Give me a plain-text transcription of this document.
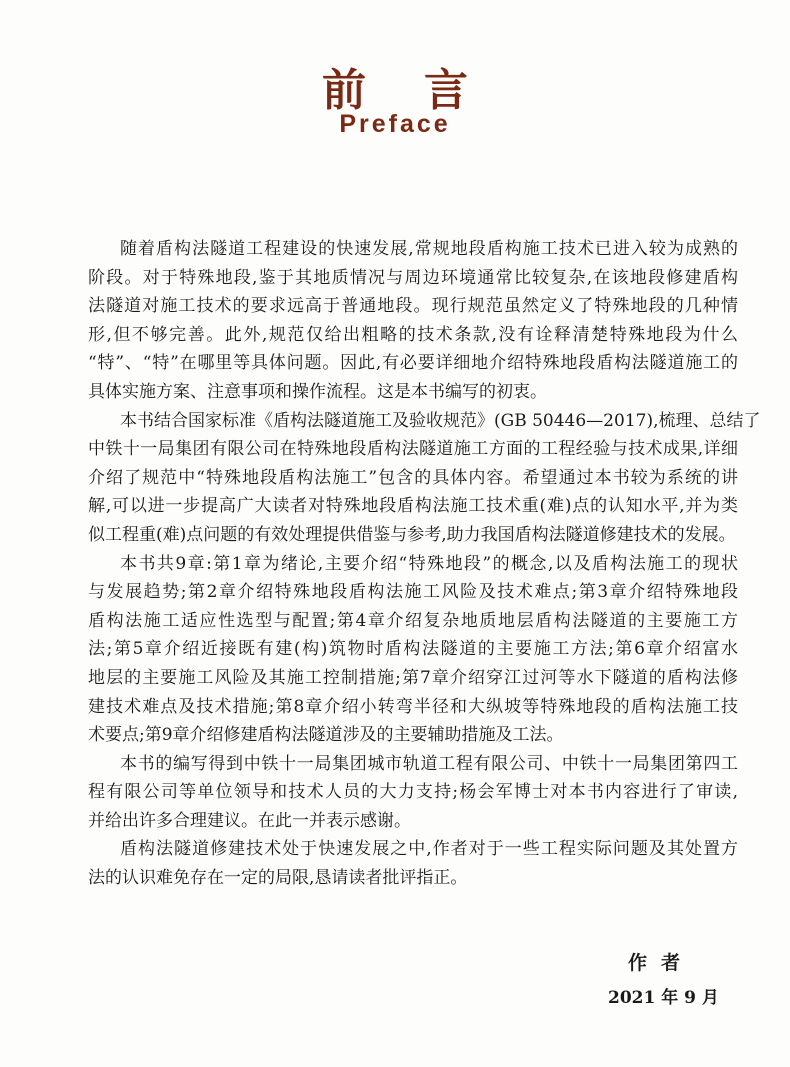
前言
Preface
随着盾构法隧道工程建设的快速发展,常规地段盾构施工技术已进入较为成熟的
阶段。对于特殊地段,鉴于其地质情况与周边环境通常比较复杂,在该地段修建盾构
法隧道对施工技术的要求远高于普通地段。现行规范虽然定义了特殊地段的几种情
形,但不够完善。此外,规范仅给出粗略的技术条款,没有诠释清楚特殊地段为什么
“特”、“特”在哪里等具体问题。因此,有必要详细地介绍特殊地段盾构法隧道施工的
具体实施方案、注意事项和操作流程。这是本书编写的初衷。
本书结合国家标准《盾构法隧道施工及验收规范》(GB 50446—2017),梳理、总结了
中铁十一局集团有限公司在特殊地段盾构法隧道施工方面的工程经验与技术成果,详细
介绍了规范中“特殊地段盾构法施工”包含的具体内容。希望通过本书较为系统的讲
解,可以进一步提高广大读者对特殊地段盾构法施工技术重(难)点的认知水平,并为类
似工程重(难)点问题的有效处理提供借鉴与参考,助力我国盾构法隧道修建技术的发展。
本书共9章:第1章为绪论,主要介绍“特殊地段”的概念,以及盾构法施工的现状
与发展趋势;第2章介绍特殊地段盾构法施工风险及技术难点;第3章介绍特殊地段
盾构法施工适应性选型与配置;第4章介绍复杂地质地层盾构法隧道的主要施工方
法;第5章介绍近接既有建(构)筑物时盾构法隧道的主要施工方法;第6章介绍富水
地层的主要施工风险及其施工控制措施;第7章介绍穿江过河等水下隧道的盾构法修
建技术难点及技术措施;第8章介绍小转弯半径和大纵坡等特殊地段的盾构法施工技
术要点;第9章介绍修建盾构法隧道涉及的主要辅助措施及工法。
本书的编写得到中铁十一局集团城市轨道工程有限公司、中铁十一局集团第四工
程有限公司等单位领导和技术人员的大力支持;杨会军博士对本书内容进行了审读,
并给出许多合理建议。在此一并表示感谢。
盾构法隧道修建技术处于快速发展之中,作者对于一些工程实际问题及其处置方
法的认识难免存在一定的局限,恳请读者批评指正。
作者
2021 年 9 月
